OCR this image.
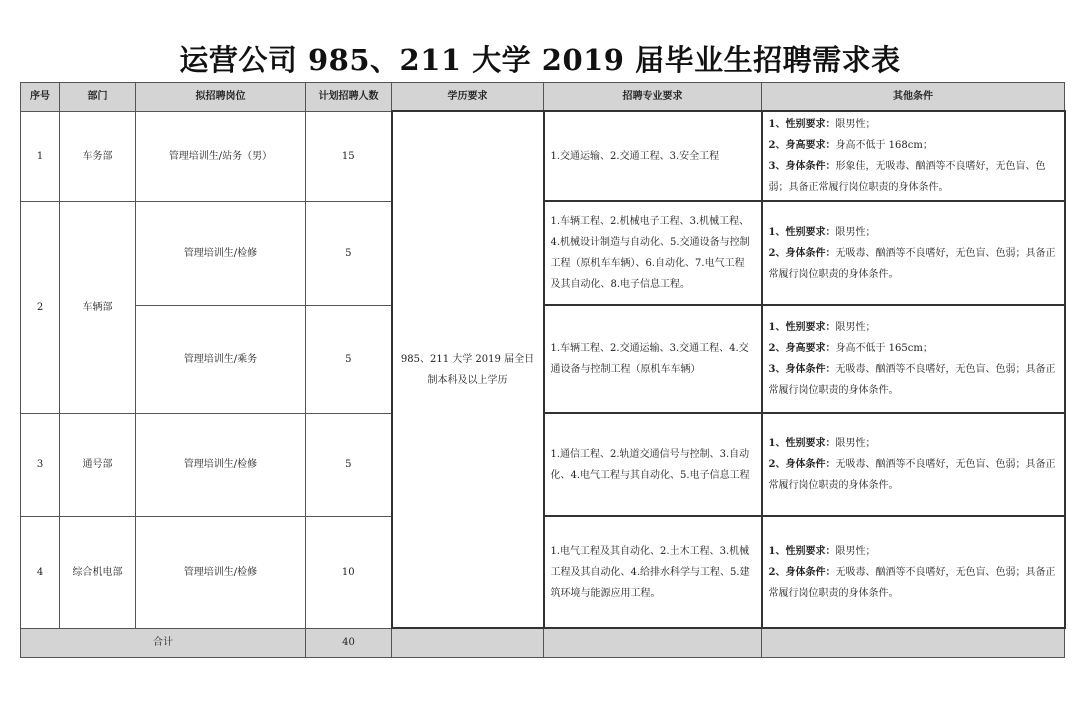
运营公司 985、211 大学 2019 届毕业生招聘需求表
序号	部门	拟招聘岗位	计划招聘人数	学历要求	招聘专业要求	其他条件
1	车务部	管理培训生/站务（男）	15	985、211 大学 2019 届全日制本科及以上学历	1.交通运输、2.交通工程、3.安全工程	1、性别要求：限男性；
2、身高要求：身高不低于 168cm；
3、身体条件：形象佳，无吸毒、酗酒等不良嗜好，无色盲、色弱；具备正常履行岗位职责的身体条件。

2	车辆部	管理培训生/检修	5		1.车辆工程、2.机械电子工程、3.机械工程、4.机械设计制造与自动化、5.交通设备与控制工程（原机车车辆）、6.自动化、7.电气工程及其自动化、8.电子信息工程。	1、性别要求：限男性；
2、身体条件：无吸毒、酗酒等不良嗜好，无色盲、色弱；具备正常履行岗位职责的身体条件。

		管理培训生/乘务	5		1.车辆工程、2.交通运输、3.交通工程、4.交通设备与控制工程（原机车车辆）	1、性别要求：限男性；
2、身高要求：身高不低于 165cm；
3、身体条件：无吸毒、酗酒等不良嗜好，无色盲、色弱；具备正常履行岗位职责的身体条件。

3	通号部	管理培训生/检修	5		1.通信工程、2.轨道交通信号与控制、3.自动化、4.电气工程与其自动化、5.电子信息工程	1、性别要求：限男性；
2、身体条件：无吸毒、酗酒等不良嗜好，无色盲、色弱；具备正常履行岗位职责的身体条件。

4	综合机电部	管理培训生/检修	10		1.电气工程及其自动化、2.土木工程、3.机械工程及其自动化、4.给排水科学与工程、5.建筑环境与能源应用工程。	1、性别要求：限男性；
2、身体条件：无吸毒、酗酒等不良嗜好，无色盲、色弱；具备正常履行岗位职责的身体条件。

合计			40			
